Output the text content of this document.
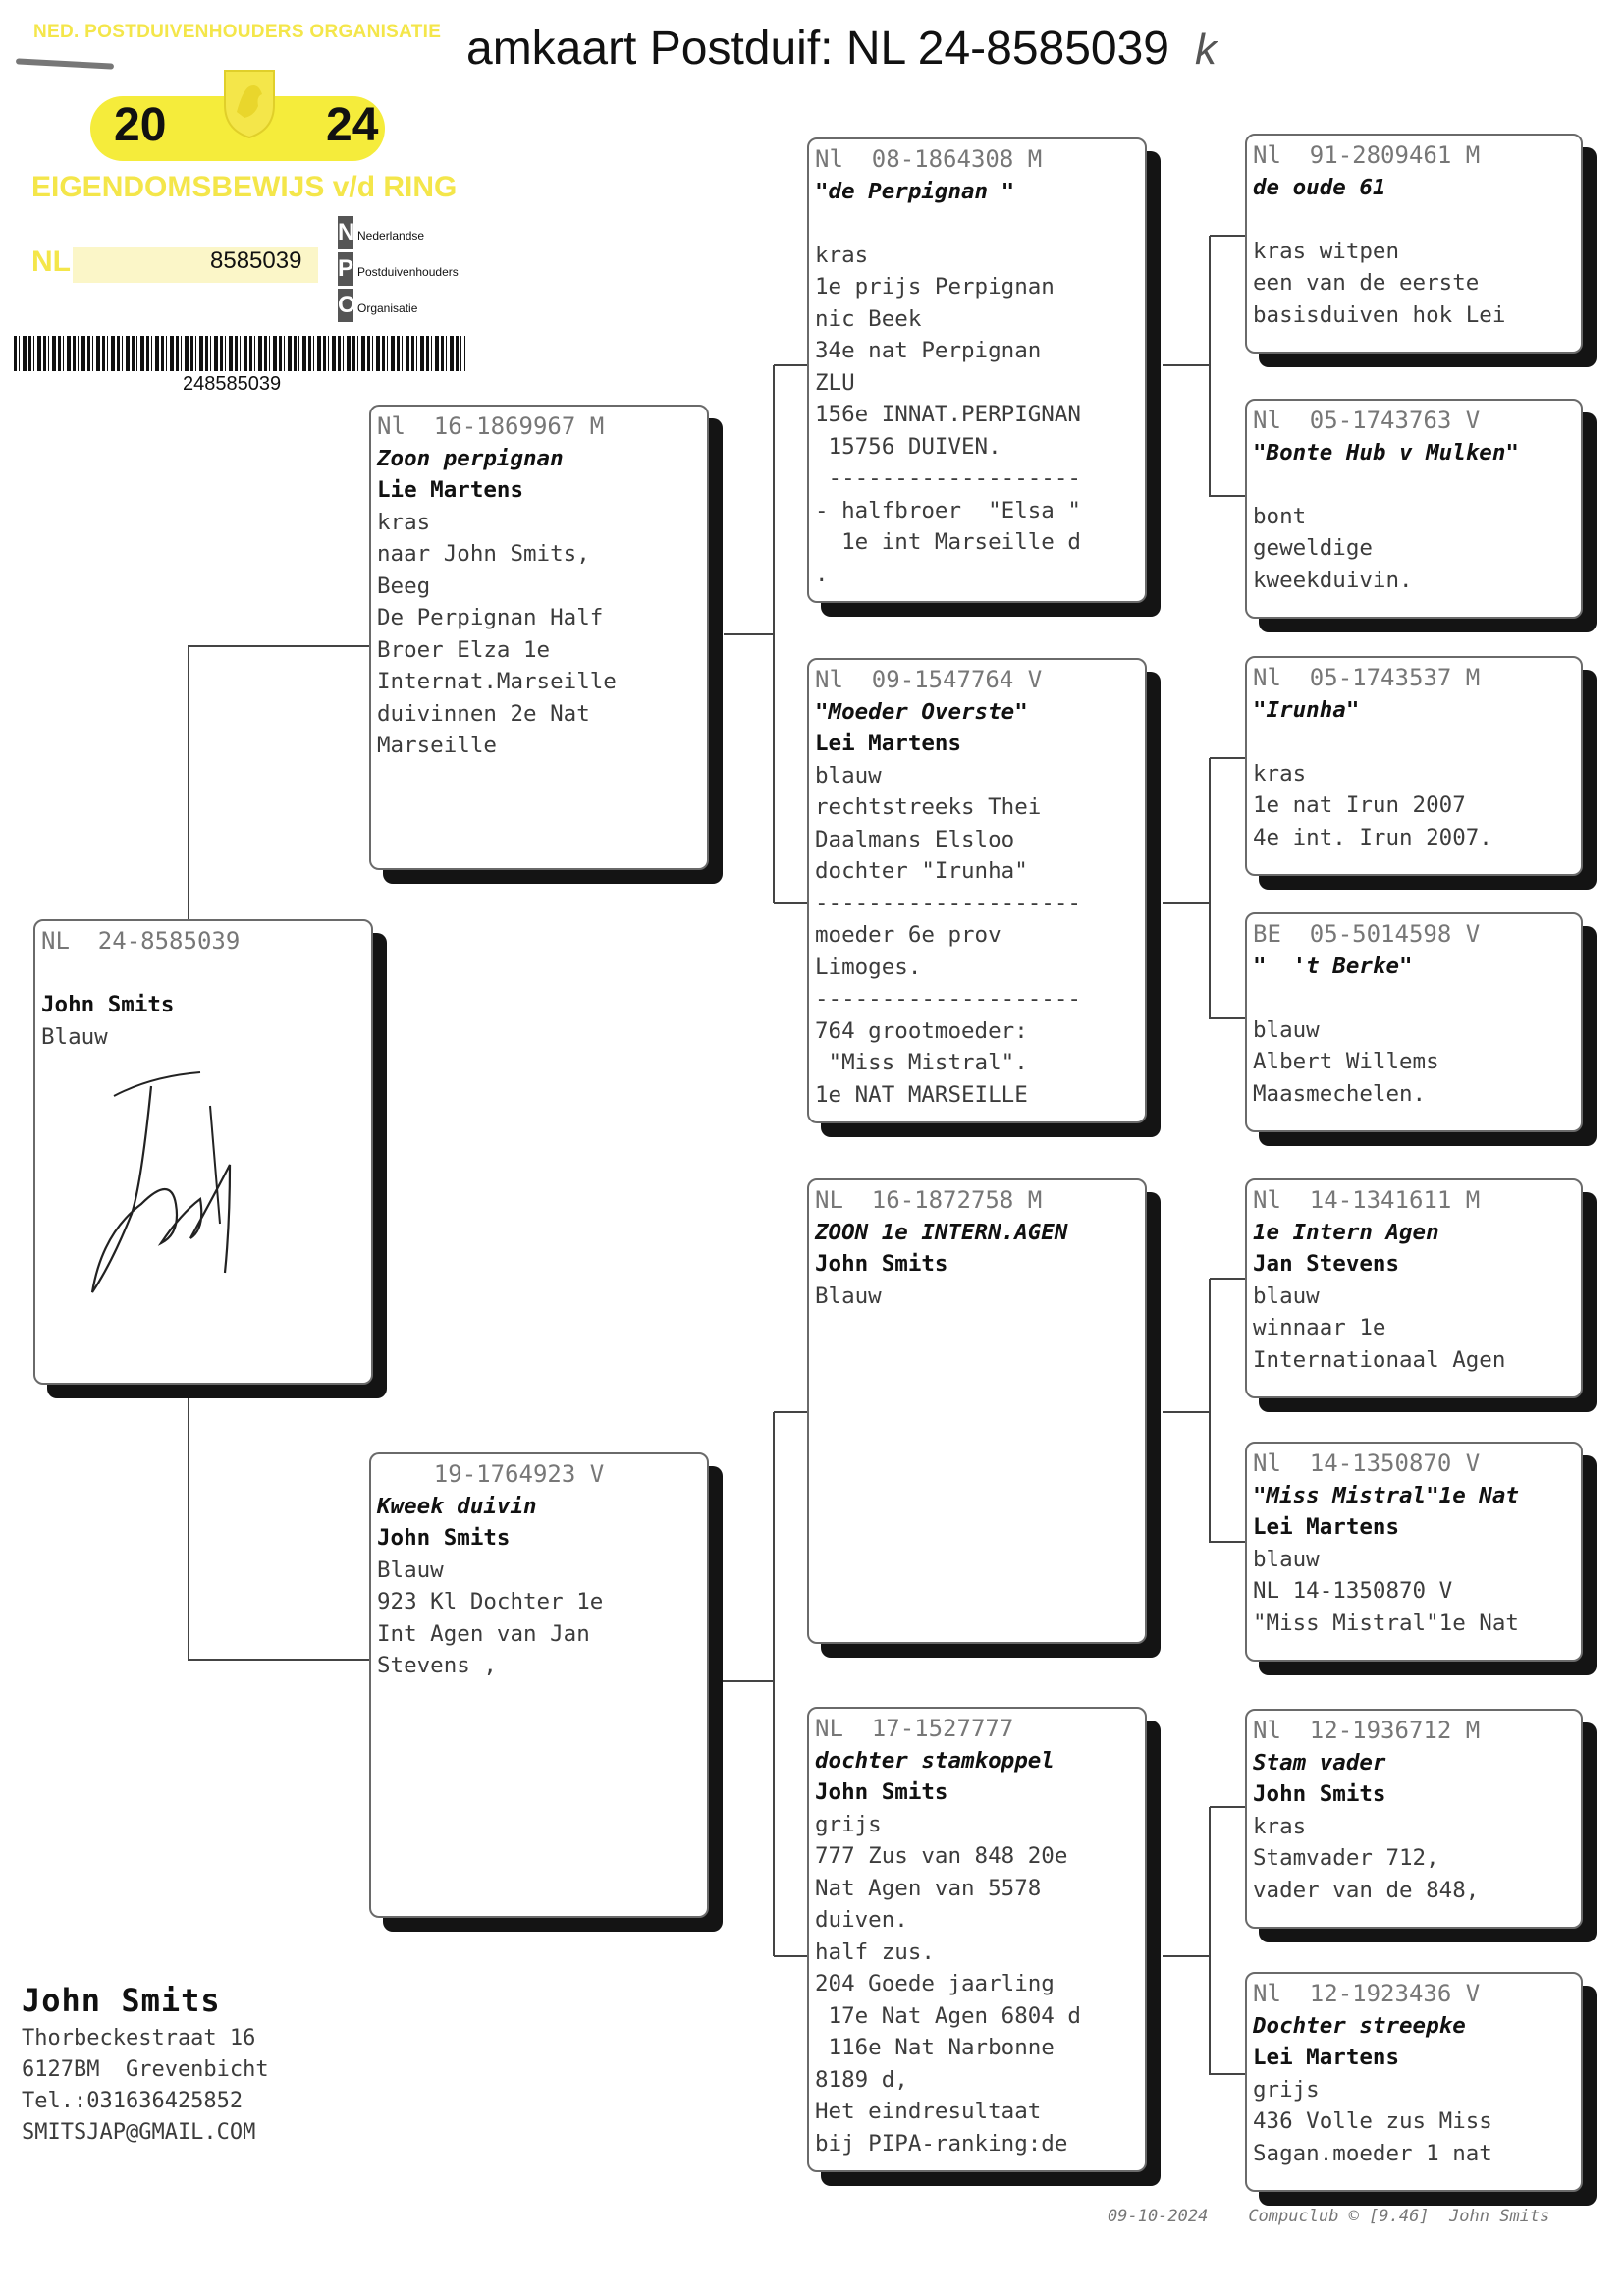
amkaart Postduif: NL 24-8585039 k
NED. POSTDUIVENHOUDERS ORGANISATIE
20	24
EIGENDOMSBEWIJS v/d RING
NL	8585039
N Nederlandse
P Postduivenhouders
OOrganisatie
248585039
NL  24-8585039

John Smits
Blauw
Nl  16-1869967 M
Zoon perpignan
Lie Martens
kras
naar John Smits,
Beeg
De Perpignan Half
Broer Elza 1e
Internat.Marseille
duivinnen 2e Nat
Marseille
19-1764923 V
Kweek duivin
John Smits
Blauw
923 Kl Dochter 1e
Int Agen van Jan
Stevens ,
Nl  08-1864308 M
"de Perpignan "

kras
1e prijs Perpignan
nic Beek
34e nat Perpignan
ZLU
156e INNAT.PERPIGNAN
15756 DUIVEN.
-------------------
- halfbroer  "Elsa "
1e int Marseille d
.
Nl  09-1547764 V
"Moeder Overste"
Lei Martens
blauw
rechtstreeks Thei
Daalmans Elsloo
dochter "Irunha"
--------------------
moeder 6e prov
Limoges.
--------------------
764 grootmoeder:
"Miss Mistral".
1e NAT MARSEILLE
NL  16-1872758 M
ZOON 1e INTERN.AGEN
John Smits
Blauw
NL  17-1527777
dochter stamkoppel
John Smits
grijs
777 Zus van 848 20e
Nat Agen van 5578
duiven.
half zus.
204 Goede jaarling
17e Nat Agen 6804 d
116e Nat Narbonne
8189 d,
Het eindresultaat
bij PIPA-ranking:de
Nl  91-2809461 M
de oude 61

kras witpen
een van de eerste
basisduiven hok Lei
Nl  05-1743763 V
"Bonte Hub v Mulken"

bont
geweldige
kweekduivin.
Nl  05-1743537 M
"Irunha"

kras
1e nat Irun 2007
4e int. Irun 2007.
BE  05-5014598 V
"  't Berke"

blauw
Albert Willems
Maasmechelen.
Nl  14-1341611 M
1e Intern Agen
Jan Stevens
blauw
winnaar 1e
Internationaal Agen
Nl  14-1350870 V
"Miss Mistral"1e Nat
Lei Martens
blauw
NL 14-1350870 V
"Miss Mistral"1e Nat
Nl  12-1936712 M
Stam vader
John Smits
kras
Stamvader 712,
vader van de 848,
Nl  12-1923436 V
Dochter streepke
Lei Martens
grijs
436 Volle zus Miss
Sagan.moeder 1 nat
John Smits
Thorbeckestraat 16
6127BM  Grevenbicht
Tel.:031636425852
SMITSJAP@GMAIL.COM
09-10-2024 Compuclub © [9.46] John Smits
